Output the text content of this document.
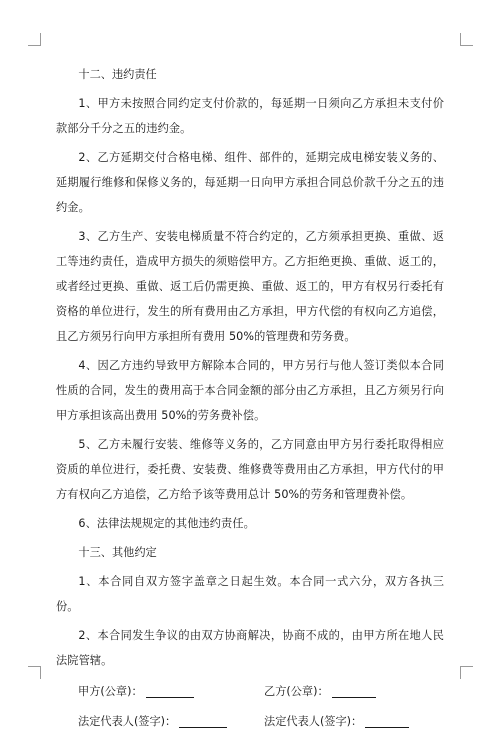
十二、违约责任

1、甲方未按照合同约定支付价款的，每延期一日须向乙方承担未支付价款部分千分之五的违约金。

2、乙方延期交付合格电梯、组件、部件的，延期完成电梯安装义务的、延期履行维修和保修义务的，每延期一日向甲方承担合同总价款千分之五的违约金。

3、乙方生产、安装电梯质量不符合约定的，乙方须承担更换、重做、返工等违约责任，造成甲方损失的须赔偿甲方。乙方拒绝更换、重做、返工的，或者经过更换、重做、返工后仍需更换、重做、返工的，甲方有权另行委托有资格的单位进行，发生的所有费用由乙方承担，甲方代偿的有权向乙方追偿，且乙方须另行向甲方承担所有费用 50%的管理费和劳务费。

4、因乙方违约导致甲方解除本合同的，甲方另行与他人签订类似本合同性质的合同，发生的费用高于本合同金额的部分由乙方承担，且乙方须另行向甲方承担该高出费用 50%的劳务费补偿。

5、乙方未履行安装、维修等义务的，乙方同意由甲方另行委托取得相应资质的单位进行，委托费、安装费、维修费等费用由乙方承担，甲方代付的甲方有权向乙方追偿，乙方给予该等费用总计 50%的劳务和管理费补偿。

6、法律法规规定的其他违约责任。

十三、其他约定

1、本合同自双方签字盖章之日起生效。本合同一式六分，双方各执三份。

2、本合同发生争议的由双方协商解决，协商不成的，由甲方所在地人民法院管辖。

甲方(公章)：	乙方(公章)：
法定代表人(签字)：	法定代表人(签字)：
